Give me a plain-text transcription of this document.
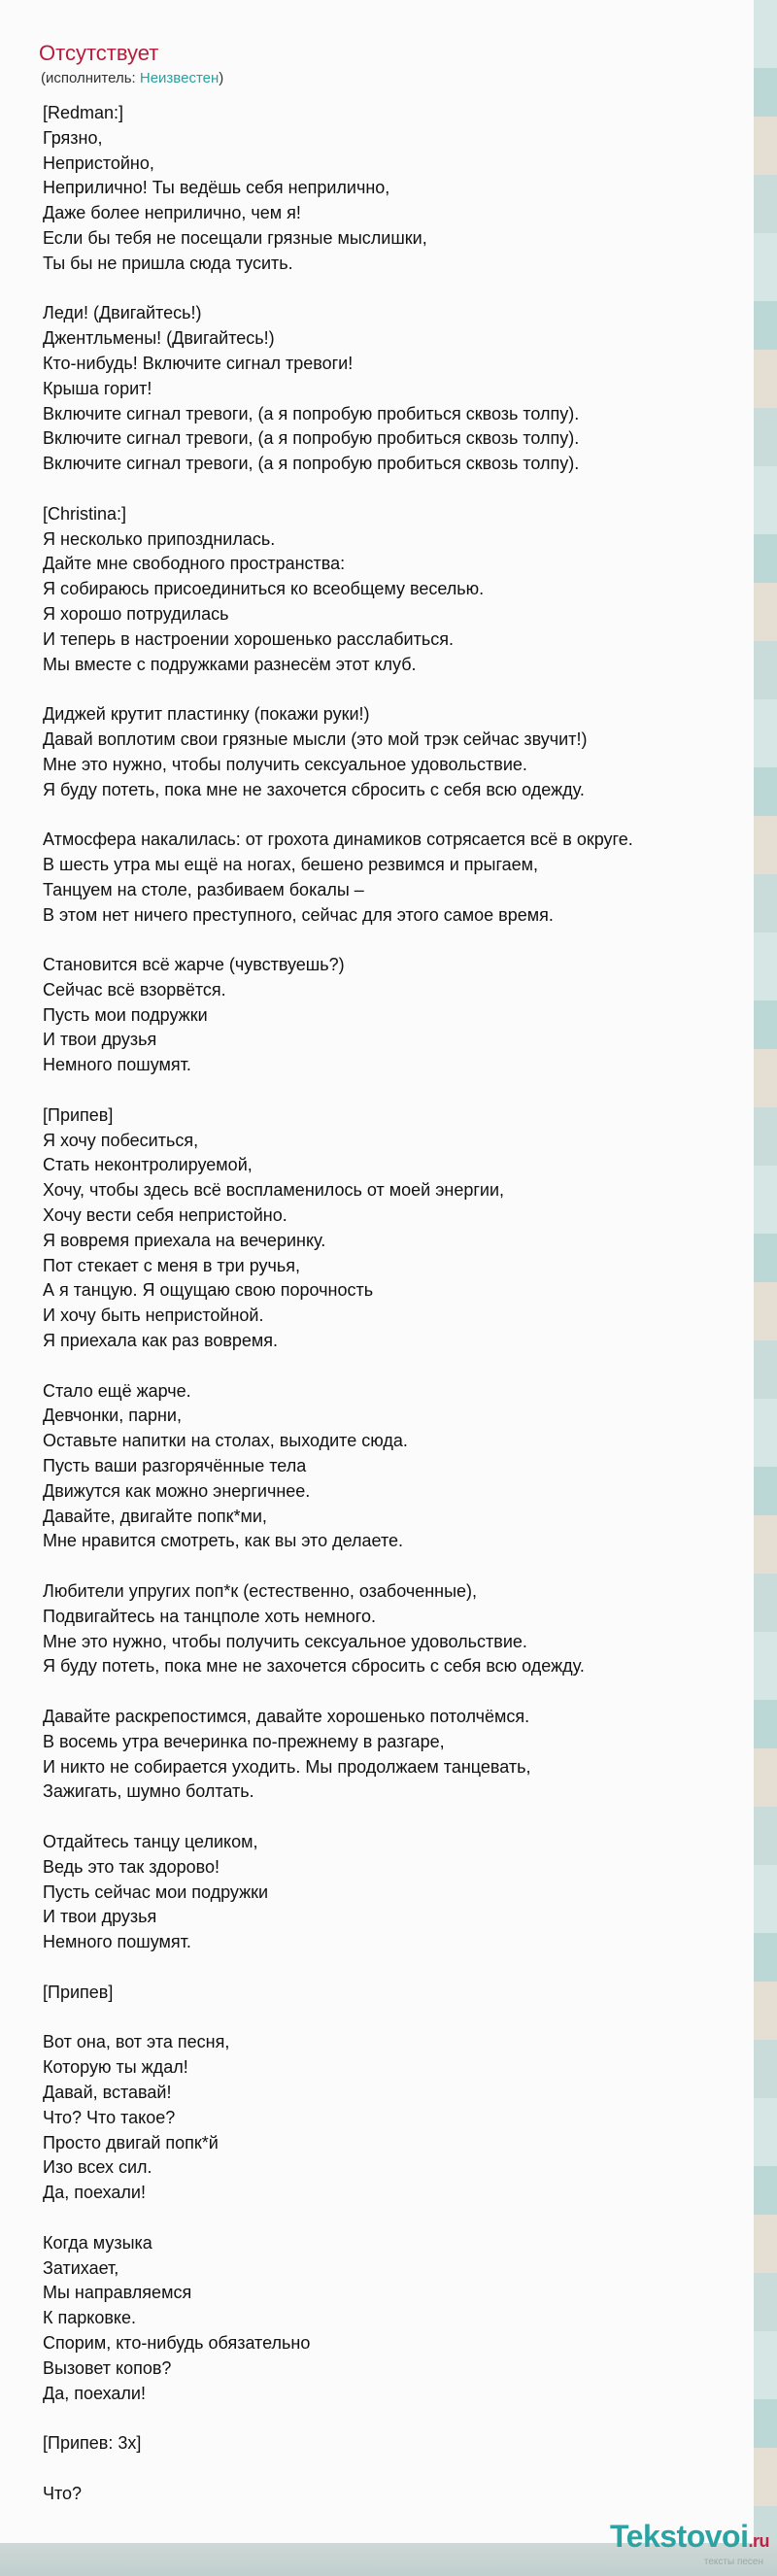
Отсутствует

(исполнитель: Неизвестен)

[Redman:]
Грязно,
Непристойно,
Неприлично! Ты ведёшь себя неприлично,
Даже более неприлично, чем я!
Если бы тебя не посещали грязные мыслишки,
Ты бы не пришла сюда тусить.

Леди! (Двигайтесь!)
Джентльмены! (Двигайтесь!)
Кто-нибудь! Включите сигнал тревоги!
Крыша горит!
Включите сигнал тревоги, (а я попробую пробиться сквозь толпу).
Включите сигнал тревоги, (а я попробую пробиться сквозь толпу).
Включите сигнал тревоги, (а я попробую пробиться сквозь толпу).

[Christina:]
Я несколько припозднилась.
Дайте мне свободного пространства:
Я собираюсь присоединиться ко всеобщему веселью.
Я хорошо потрудилась
И теперь в настроении хорошенько расслабиться.
Мы вместе с подружками разнесём этот клуб.

Диджей крутит пластинку (покажи руки!)
Давай воплотим свои грязные мысли (это мой трэк сейчас звучит!)
Мне это нужно, чтобы получить сексуальное удовольствие.
Я буду потеть, пока мне не захочется сбросить с себя всю одежду.

Атмосфера накалилась: от грохота динамиков сотрясается всё в округе.
В шесть утра мы ещё на ногах, бешено резвимся и прыгаем,
Танцуем на столе, разбиваем бокалы –
В этом нет ничего преступного, сейчас для этого самое время.

Становится всё жарче (чувствуешь?)
Сейчас всё взорвётся.
Пусть мои подружки
И твои друзья
Немного пошумят.

[Припев]
Я хочу побеситься,
Стать неконтролируемой,
Хочу, чтобы здесь всё воспламенилось от моей энергии,
Хочу вести себя непристойно.
Я вовремя приехала на вечеринку.
Пот стекает с меня в три ручья,
А я танцую. Я ощущаю свою порочность
И хочу быть непристойной.
Я приехала как раз вовремя.

Стало ещё жарче.
Девчонки, парни,
Оставьте напитки на столах, выходите сюда.
Пусть ваши разгорячённые тела
Движутся как можно энергичнее.
Давайте, двигайте попк*ми,
Мне нравится смотреть, как вы это делаете.

Любители упругих поп*к (естественно, озабоченные),
Подвигайтесь на танцполе хоть немного.
Мне это нужно, чтобы получить сексуальное удовольствие.
Я буду потеть, пока мне не захочется сбросить с себя всю одежду.

Давайте раскрепостимся, давайте хорошенько потолчёмся.
В восемь утра вечеринка по-прежнему в разгаре,
И никто не собирается уходить. Мы продолжаем танцевать,
Зажигать, шумно болтать.

Отдайтесь танцу целиком,
Ведь это так здорово!
Пусть сейчас мои подружки
И твои друзья
Немного пошумят.

[Припев]

Вот она, вот эта песня,
Которую ты ждал!
Давай, вставай!
Что? Что такое?
Просто двигай попк*й
Изо всех сил.
Да, поехали!

Когда музыка
Затихает,
Мы направляемся
К парковке.
Спорим, кто-нибудь обязательно
Вызовет копов?
Да, поехали!

[Припев: 3x]

Что?
Tekstovoi.ru
тексты песен
